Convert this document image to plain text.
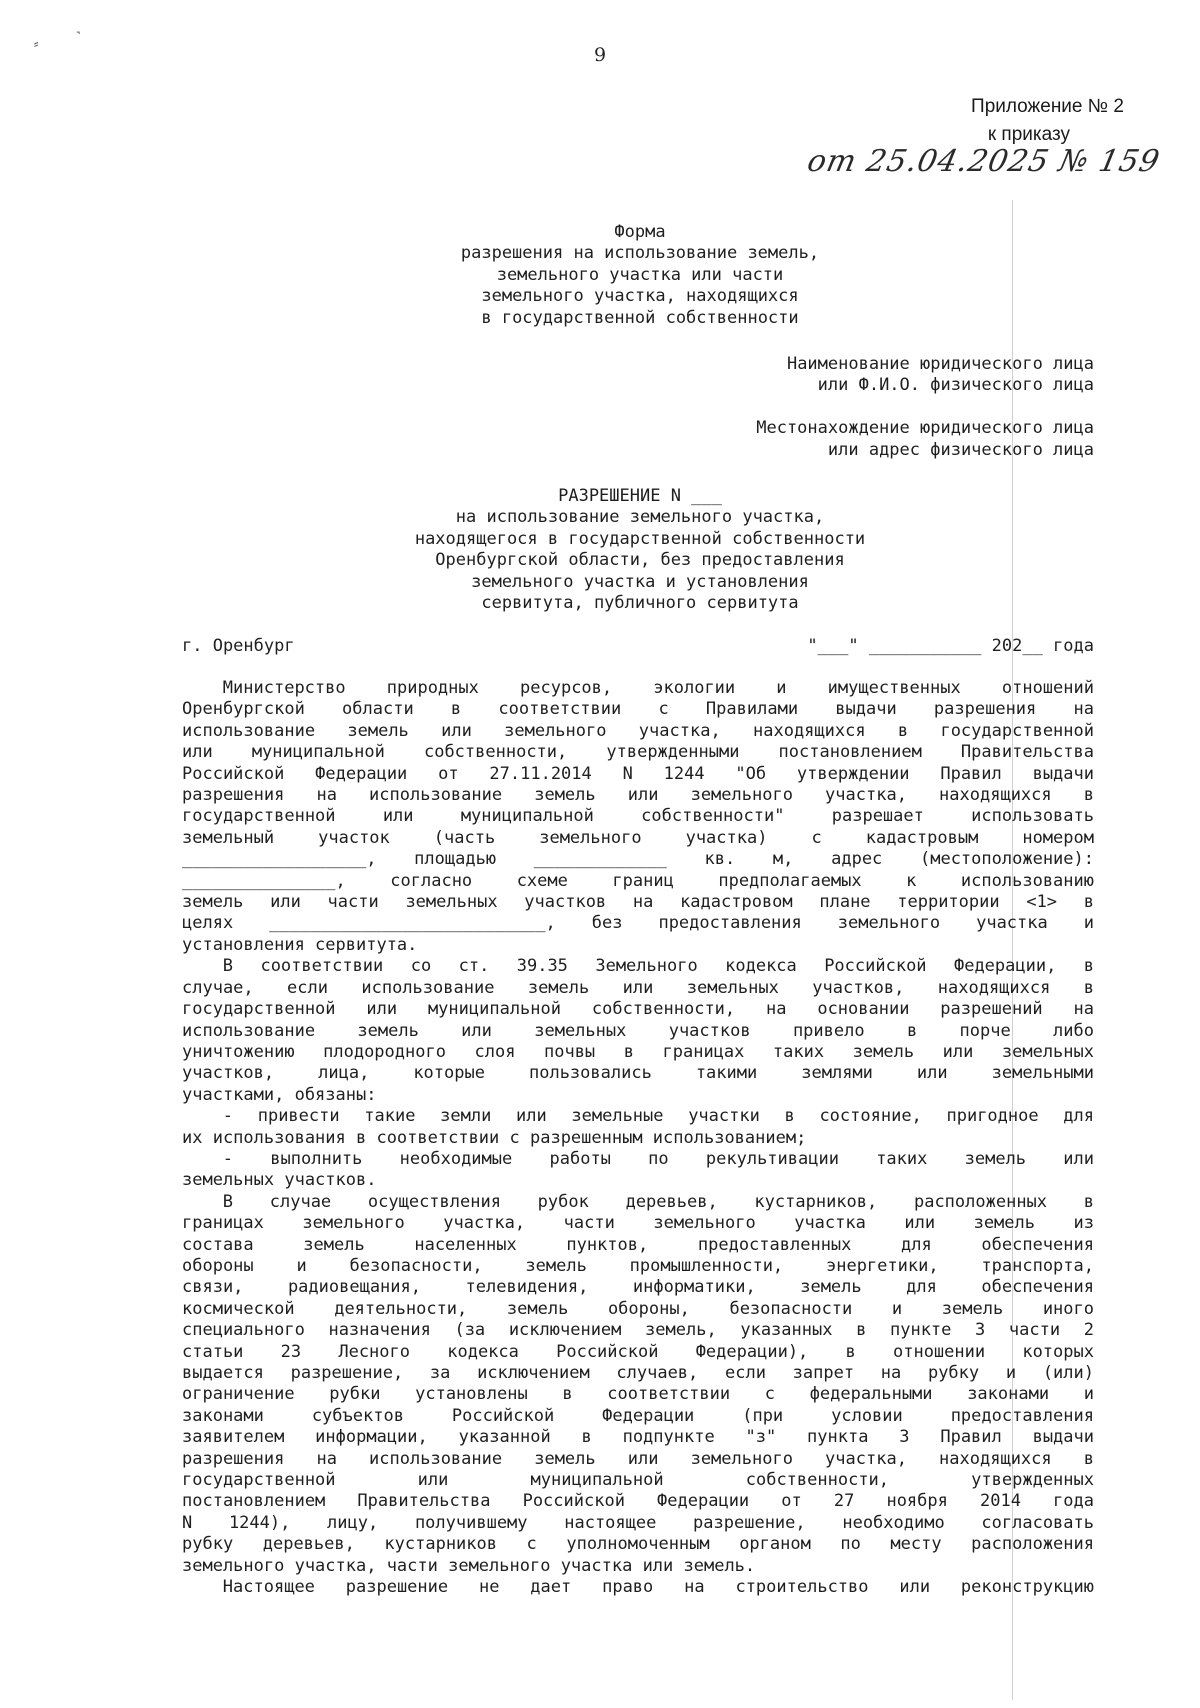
⸗ ˺
9
Приложение № 2
к приказу
от 25.04.2025 № 159
Форма
разрешения на использование земель,
земельного участка или части
земельного участка, находящихся
в государственной собственности
Наименование юридического лица
или Ф.И.О. физического лица
Местонахождение юридического лица
или адрес физического лица
РАЗРЕШЕНИЕ N ___
на использование земельного участка,
находящегося в государственной собственности
Оренбургской области, без предоставления
земельного участка и установления
сервитута, публичного сервитута
г. Оренбург	"___" ___________ 202__ года
Министерство природных ресурсов, экологии и имущественных отношений
Оренбургской области в соответствии с Правилами выдачи разрешения на
использование земель или земельного участка, находящихся в государственной
или муниципальной собственности, утвержденными постановлением Правительства
Российской Федерации от 27.11.2014 N 1244 "Об утверждении Правил выдачи
разрешения на использование земель или земельного участка, находящихся в
государственной или муниципальной собственности" разрешает использовать
земельный участок (часть земельного участка) с кадастровым номером
__________________, площадью _____________ кв. м, адрес (местоположение):
_______________, согласно схеме границ предполагаемых к использованию
земель или части земельных участков на кадастровом плане территории <1> в
целях ___________________________, без предоставления земельного участка и
установления сервитута.
В соответствии со ст. 39.35 Земельного кодекса Российской Федерации, в
случае, если использование земель или земельных участков, находящихся в
государственной или муниципальной собственности, на основании разрешений на
использование земель или земельных участков привело в порче либо
уничтожению плодородного слоя почвы в границах таких земель или земельных
участков, лица, которые пользовались такими землями или земельными
участками, обязаны:
- привести такие земли или земельные участки в состояние, пригодное для
их использования в соответствии с разрешенным использованием;
- выполнить необходимые работы по рекультивации таких земель или
земельных участков.
В случае осуществления рубок деревьев, кустарников, расположенных в
границах земельного участка, части земельного участка или земель из
состава земель населенных пунктов, предоставленных для обеспечения
обороны и безопасности, земель промышленности, энергетики, транспорта,
связи, радиовещания, телевидения, информатики, земель для обеспечения
космической деятельности, земель обороны, безопасности и земель иного
специального назначения (за исключением земель, указанных в пункте 3 части 2
статьи 23 Лесного кодекса Российской Федерации), в отношении которых
выдается разрешение, за исключением случаев, если запрет на рубку и (или)
ограничение рубки установлены в соответствии с федеральными законами и
законами субъектов Российской Федерации (при условии предоставления
заявителем информации, указанной в подпункте "з" пункта 3 Правил выдачи
разрешения на использование земель или земельного участка, находящихся в
государственной или муниципальной собственности, утвержденных
постановлением Правительства Российской Федерации от 27 ноября 2014 года
N 1244), лицу, получившему настоящее разрешение, необходимо согласовать
рубку деревьев, кустарников с уполномоченным органом по месту расположения
земельного участка, части земельного участка или земель.
Настоящее разрешение не дает право на строительство или реконструкцию
